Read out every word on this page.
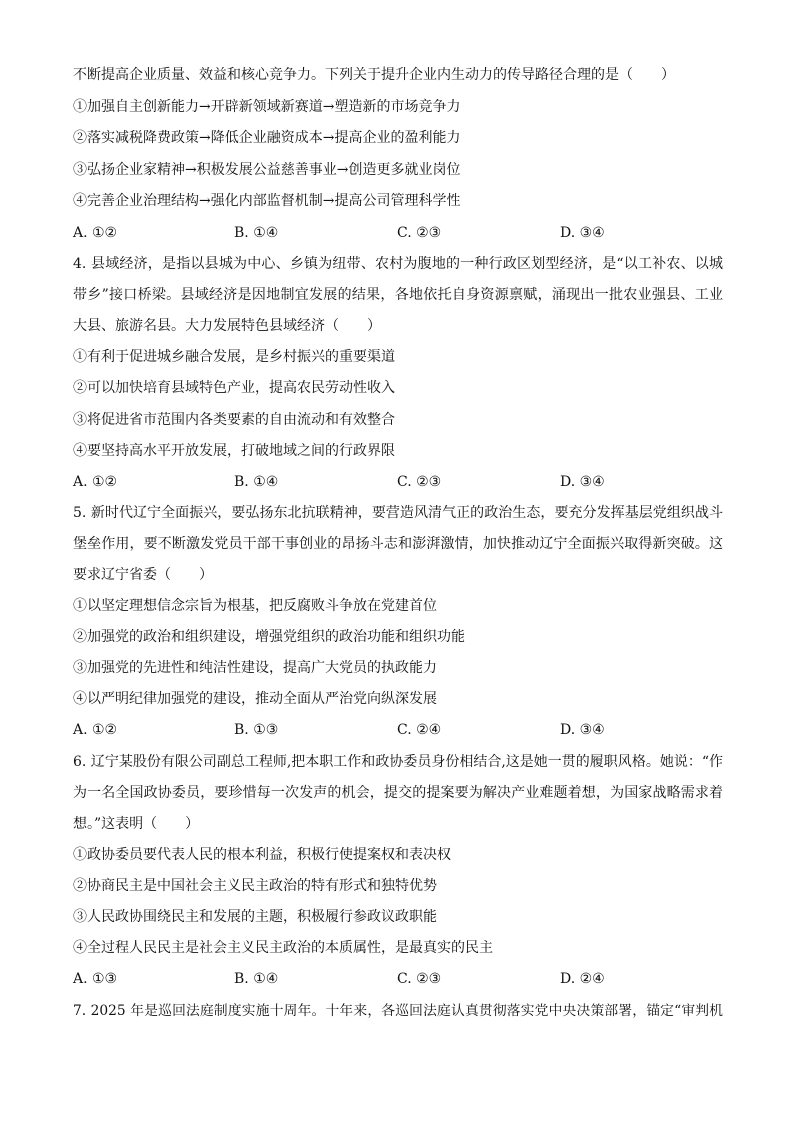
不断提高企业质量、效益和核心竞争力。下列关于提升企业内生动力的传导路径合理的是（　　）
①加强自主创新能力→开辟新领域新赛道→塑造新的市场竞争力
②落实减税降费政策→降低企业融资成本→提高企业的盈利能力
③弘扬企业家精神→积极发展公益慈善事业→创造更多就业岗位
④完善企业治理结构→强化内部监督机制→提高公司管理科学性
A. ①②	B. ①④	C. ②③	D. ③④
4. 县域经济，是指以县城为中心、乡镇为纽带、农村为腹地的一种行政区划型经济，是“以工补农、以城
带乡”接口桥梁。县域经济是因地制宜发展的结果，各地依托自身资源禀赋，涌现出一批农业强县、工业
大县、旅游名县。大力发展特色县域经济（　　）
①有利于促进城乡融合发展，是乡村振兴的重要渠道
②可以加快培育县域特色产业，提高农民劳动性收入
③将促进省市范围内各类要素的自由流动和有效整合
④要坚持高水平开放发展，打破地域之间的行政界限
A. ①②	B. ①④	C. ②③	D. ③④
5. 新时代辽宁全面振兴，要弘扬东北抗联精神，要营造风清气正的政治生态，要充分发挥基层党组织战斗
堡垒作用，要不断激发党员干部干事创业的昂扬斗志和澎湃激情，加快推动辽宁全面振兴取得新突破。这
要求辽宁省委（　　）
①以坚定理想信念宗旨为根基，把反腐败斗争放在党建首位
②加强党的政治和组织建设，增强党组织的政治功能和组织功能
③加强党的先进性和纯洁性建设，提高广大党员的执政能力
④以严明纪律加强党的建设，推动全面从严治党向纵深发展
A. ①②	B. ①③	C. ②④	D. ③④
6. 辽宁某股份有限公司副总工程师,把本职工作和政协委员身份相结合,这是她一贯的履职风格。她说：“作
为一名全国政协委员，要珍惜每一次发声的机会，提交的提案要为解决产业难题着想，为国家战略需求着
想。”这表明（　　）
①政协委员要代表人民的根本利益，积极行使提案权和表决权
②协商民主是中国社会主义民主政治的特有形式和独特优势
③人民政协围绕民主和发展的主题，积极履行参政议政职能
④全过程人民民主是社会主义民主政治的本质属性，是最真实的民主
A. ①③	B. ①④	C. ②③	D. ②④
7. 2025 年是巡回法庭制度实施十周年。十年来，各巡回法庭认真贯彻落实党中央决策部署，锚定“审判机
